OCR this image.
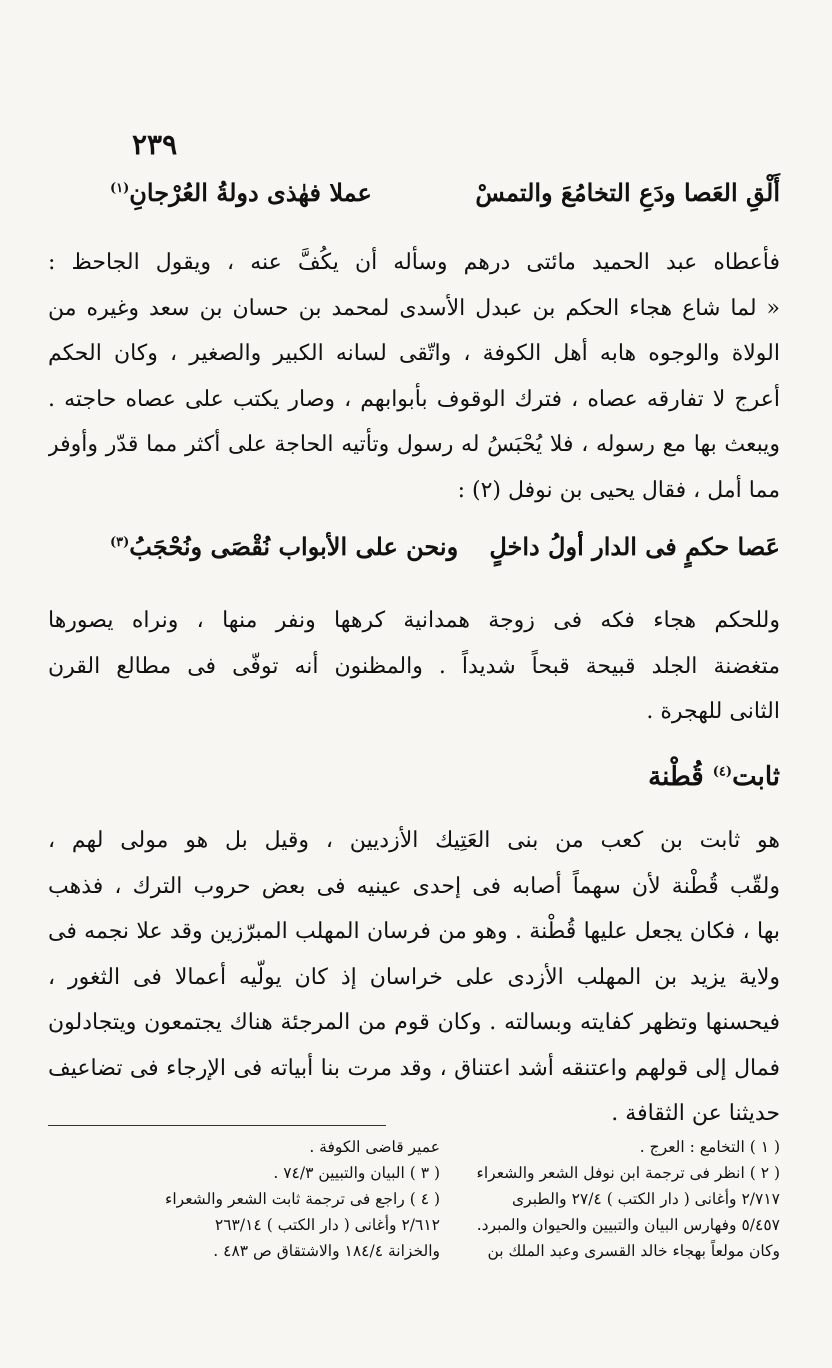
٢٣٩
أَلْقِ العَصا ودَعِ التخامُعَ والتمسْ
عملا فهٰذى دولةُ العُرْجانِ$^{(١)}$
فأعطاه عبد الحميد مائتى درهم وسأله أن يكُفَّ عنه ، ويقول الجاحظ :
« لما شاع هجاء الحكم بن عبدل الأسدى لمحمد بن حسان بن سعد وغيره من
الولاة والوجوه هابه أهل الكوفة ، واتّقى لسانه الكبير والصغير ، وكان الحكم
أعرج لا تفارقه عصاه ، فترك الوقوف بأبوابهم ، وصار يكتب على عصاه حاجته .
ويبعث بها مع رسوله ، فلا يُحْبَسُ له رسول وتأتيه الحاجة على أكثر مما قدّر وأوفر
مما أمل ، فقال يحيى بن نوفل (٢) :
عَصا حكمٍ فى الدار أولُ داخلٍ
ونحن على الأبواب نُقْصَى ونُحْجَبُ$^{(٣)}$
وللحكم هجاء فكه فى زوجة همدانية كرهها ونفر منها ، ونراه يصورها
متغضنة الجلد قبيحة قبحاً شديداً . والمظنون أنه توفّى فى مطالع القرن
الثانى للهجرة .
ثابت$^{(٤)}$ قُطْنة
هو ثابت بن كعب من بنى العَتِيك الأزديين ، وقيل بل هو مولى لهم ،
ولقّب قُطْنة لأن سهماً أصابه فى إحدى عينيه فى بعض حروب الترك ، فذهب
بها ، فكان يجعل عليها قُطْنة . وهو من فرسان المهلب المبرّزين وقد علا نجمه فى
ولاية يزيد بن المهلب الأزدى على خراسان إذ كان يولّيه أعمالا فى الثغور ،
فيحسنها وتظهر كفايته وبسالته . وكان قوم من المرجئة هناك يجتمعون ويتجادلون
فمال إلى قولهم واعتنقه أشد اعتناق ، وقد مرت بنا أبياته فى الإرجاء فى تضاعيف
حديثنا عن الثقافة .
( ١ ) التخامع : العرج .
( ٢ ) انظر فى ترجمة ابن نوفل الشعر والشعراء
٢/٧١٧ وأغانى ( دار الكتب ) ٢٧/٤ والطبرى
٥/٤٥٧ وفهارس البيان والتبيين والحيوان والمبرد.
وكان مولعاً بهجاء خالد القسرى وعبد الملك بن
عمير قاضى الكوفة .
( ٣ ) البيان والتبيين ٧٤/٣ .
( ٤ ) راجع فى ترجمة ثابت الشعر والشعراء
٢/٦١٢ وأغانى ( دار الكتب ) ٢٦٣/١٤
والخزانة ١٨٤/٤ والاشتقاق ص ٤٨٣ .
